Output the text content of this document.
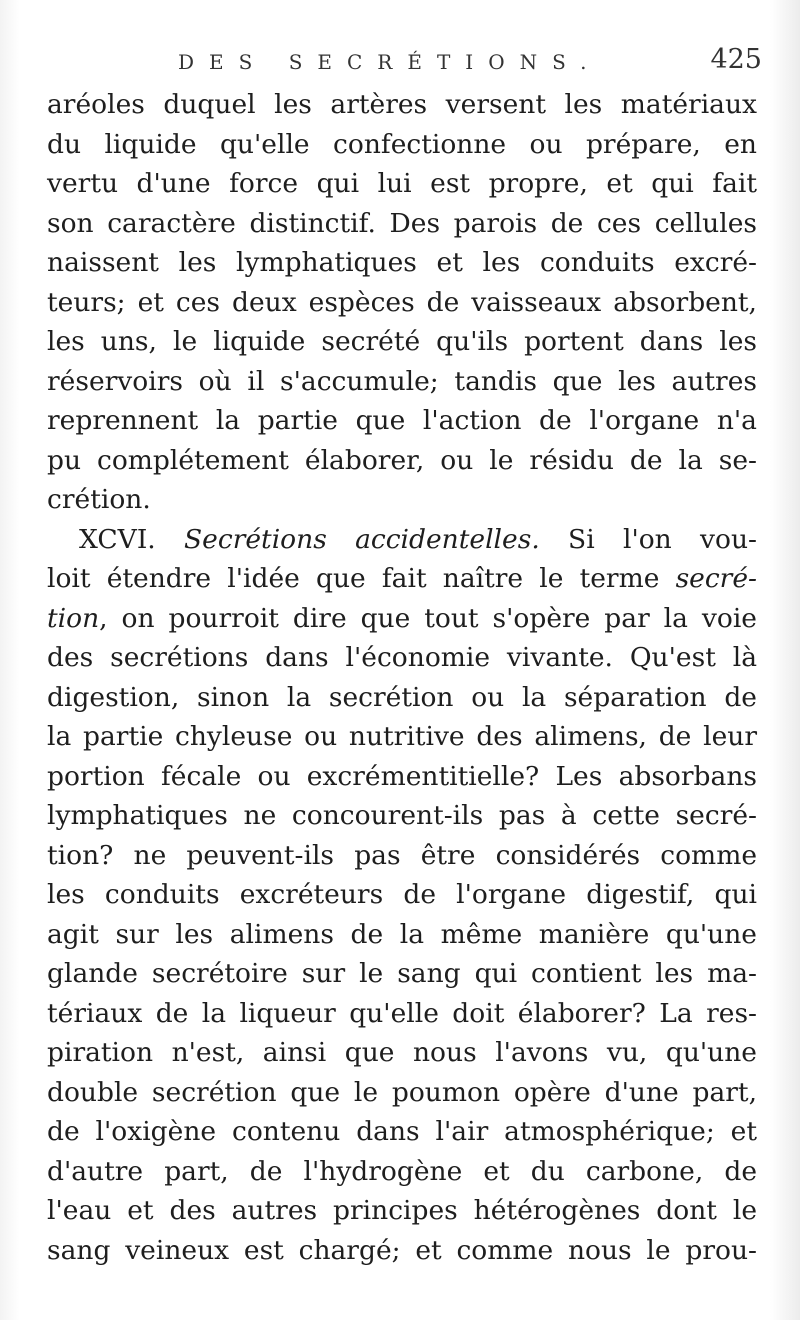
DES SECRÉTIONS.	425
aréoles duquel les artères versent les matériaux
du liquide qu'elle confectionne ou prépare, en
vertu d'une force qui lui est propre, et qui fait
son caractère distinctif. Des parois de ces cellules
naissent les lymphatiques et les conduits excré-
teurs; et ces deux espèces de vaisseaux absorbent,
les uns, le liquide secrété qu'ils portent dans les
réservoirs où il s'accumule; tandis que les autres
reprennent la partie que l'action de l'organe n'a
pu complétement élaborer, ou le résidu de la se-
crétion.
XCVI. Secrétions accidentelles. Si l'on vou-
loit étendre l'idée que fait naître le terme secré-
tion, on pourroit dire que tout s'opère par la voie
des secrétions dans l'économie vivante. Qu'est là
digestion, sinon la secrétion ou la séparation de
la partie chyleuse ou nutritive des alimens, de leur
portion fécale ou excrémentitielle? Les absorbans
lymphatiques ne concourent-ils pas à cette secré-
tion? ne peuvent-ils pas être considérés comme
les conduits excréteurs de l'organe digestif, qui
agit sur les alimens de la même manière qu'une
glande secrétoire sur le sang qui contient les ma-
tériaux de la liqueur qu'elle doit élaborer? La res-
piration n'est, ainsi que nous l'avons vu, qu'une
double secrétion que le poumon opère d'une part,
de l'oxigène contenu dans l'air atmosphérique; et
d'autre part, de l'hydrogène et du carbone, de
l'eau et des autres principes hétérogènes dont le
sang veineux est chargé; et comme nous le prou-
